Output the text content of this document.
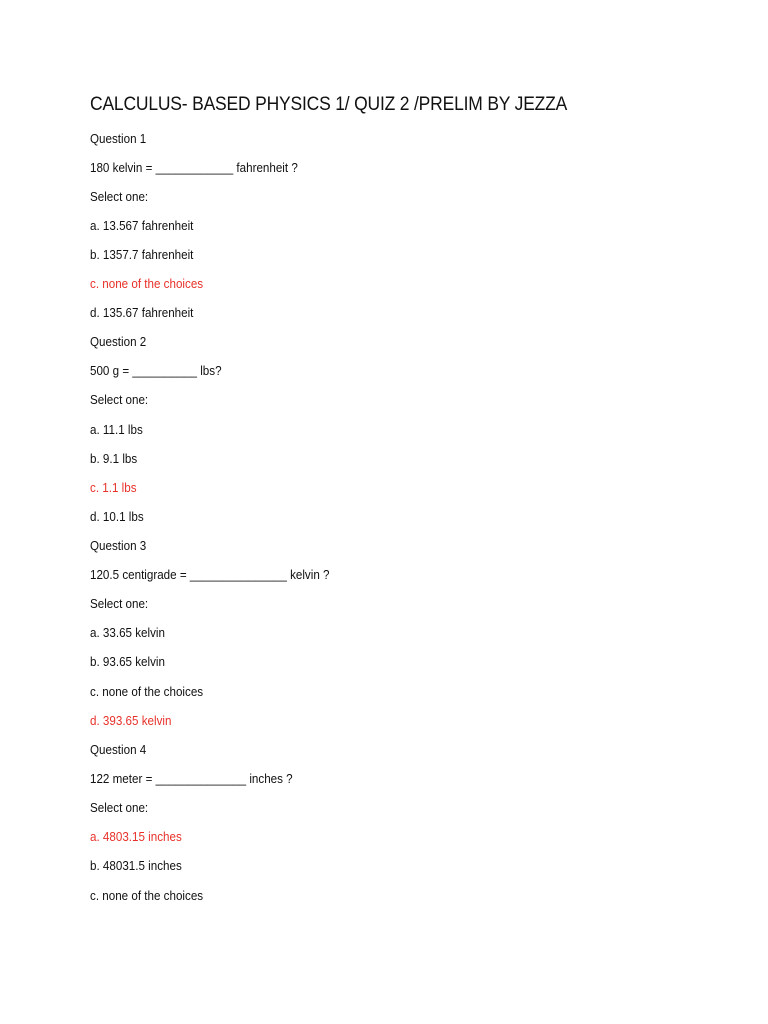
CALCULUS- BASED PHYSICS 1/ QUIZ 2 /PRELIM BY JEZZA
Question 1
180 kelvin = ____________ fahrenheit ?
Select one:
a. 13.567 fahrenheit
b. 1357.7 fahrenheit
c. none of the choices
d. 135.67 fahrenheit
Question 2
500 g = __________ lbs?
Select one:
a. 11.1 lbs
b. 9.1 lbs
c. 1.1 lbs
d. 10.1 lbs
Question 3
120.5 centigrade = _______________ kelvin ?
Select one:
a. 33.65 kelvin
b. 93.65 kelvin
c. none of the choices
d. 393.65 kelvin
Question 4
122 meter = ______________ inches ?
Select one:
a. 4803.15 inches
b. 48031.5 inches
c. none of the choices
